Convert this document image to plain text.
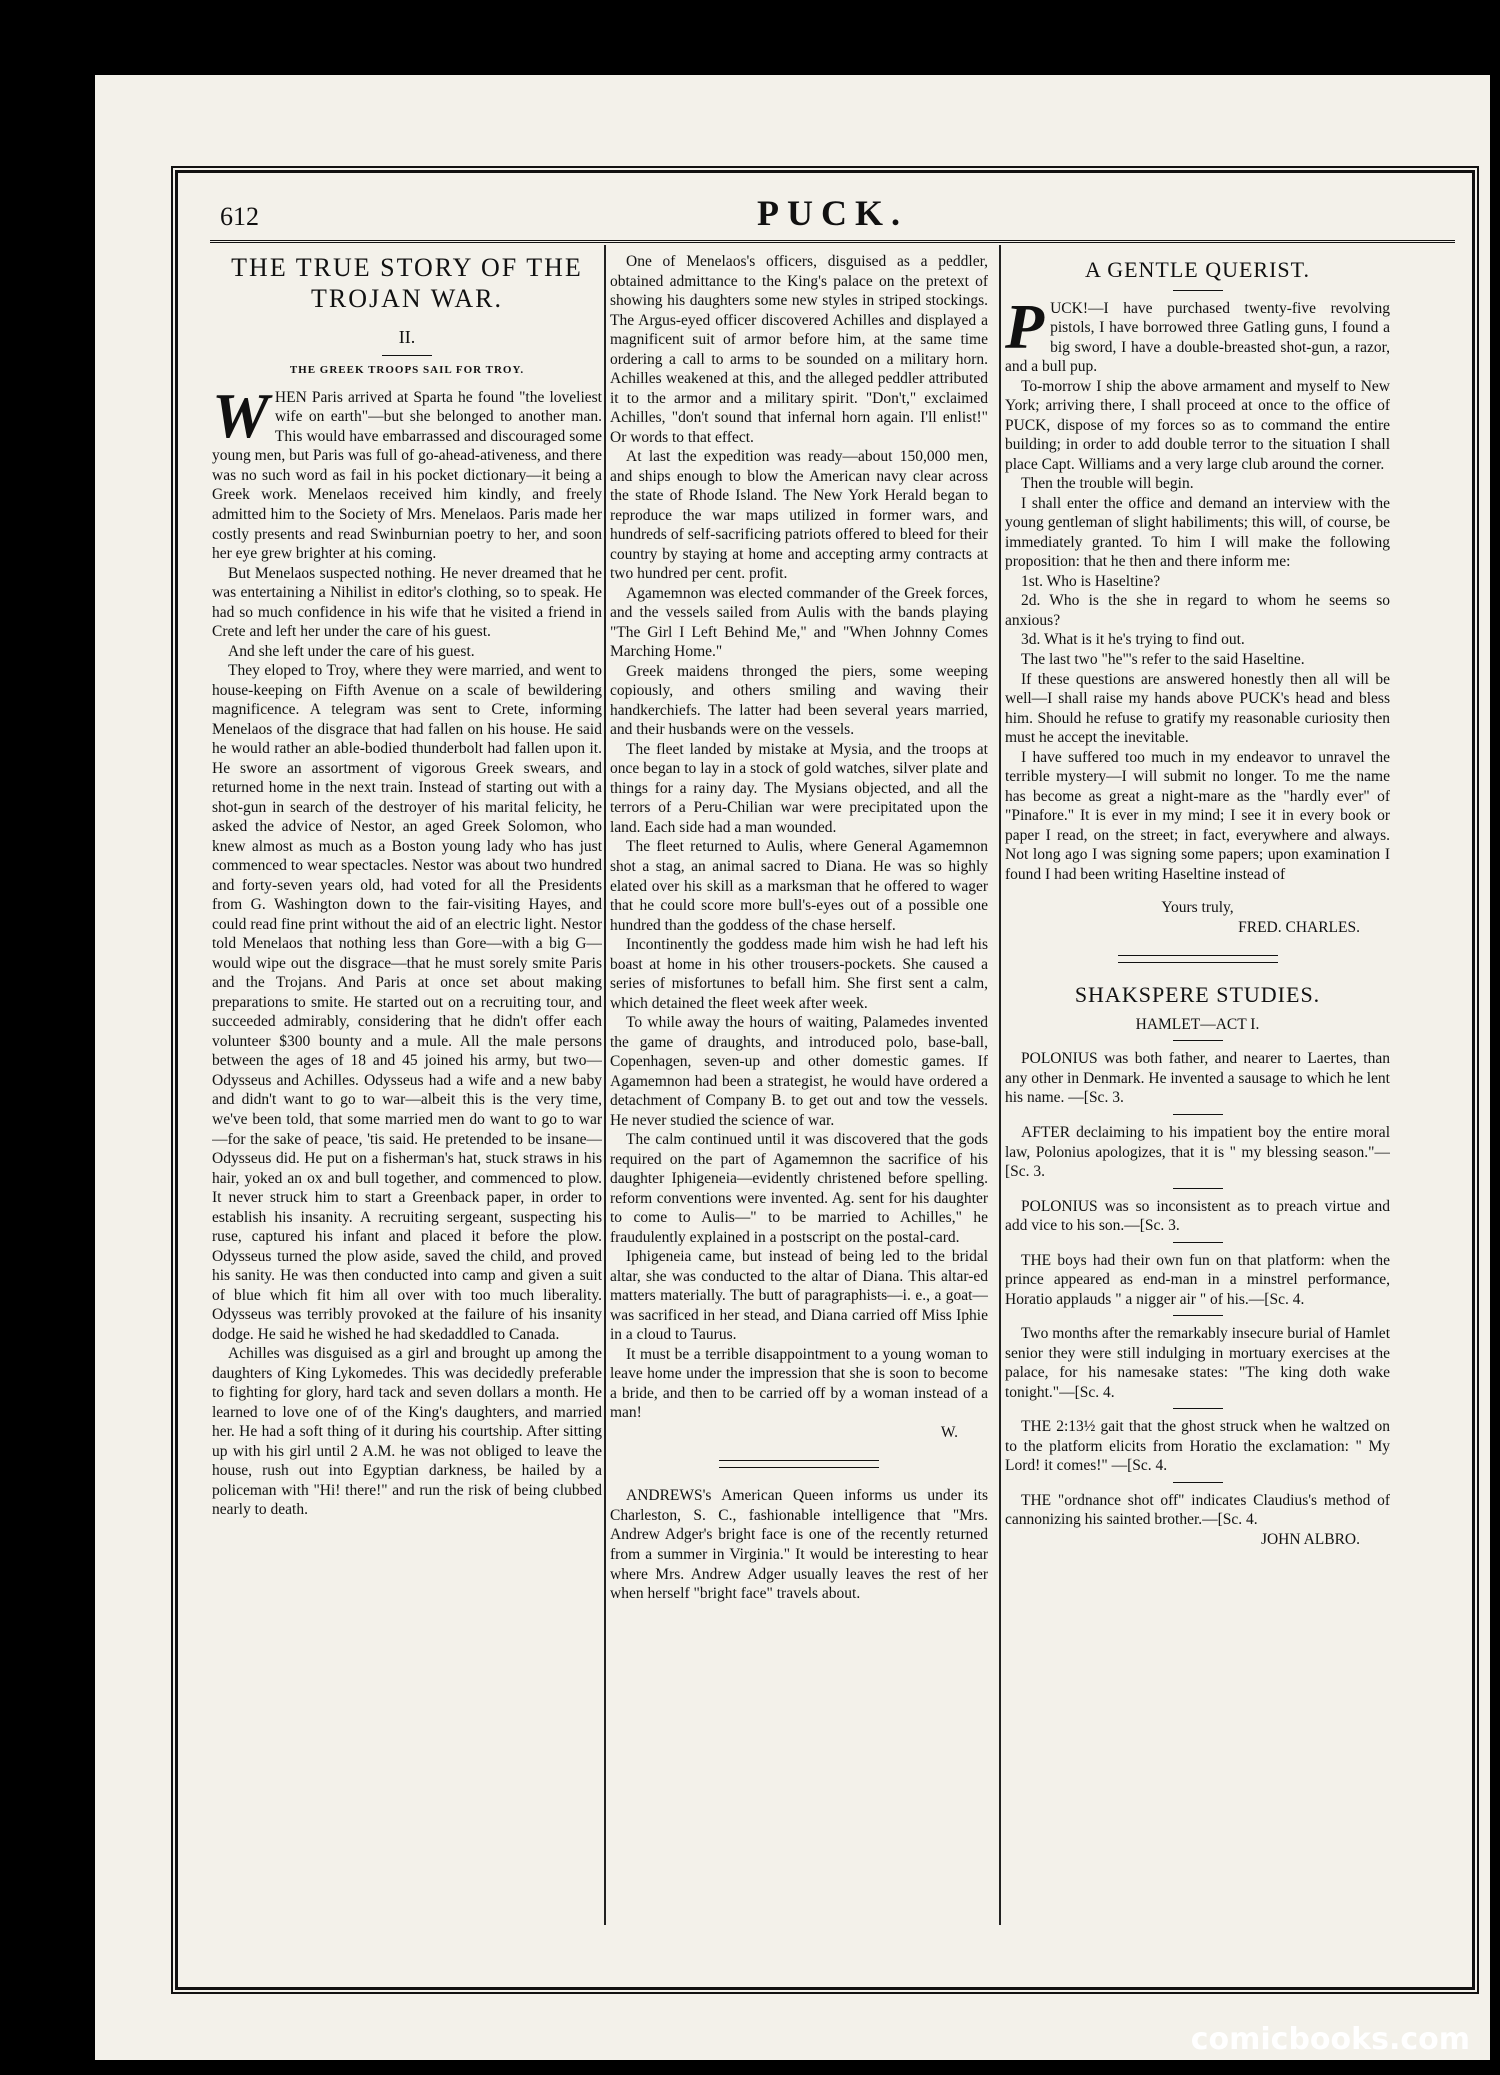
612	PUCK.
THE TRUE STORY OF THE TROJAN WAR.
II.
THE GREEK TROOPS SAIL FOR TROY.

WHEN Paris arrived at Sparta he found "the loveliest wife on earth"—but she belonged to another man. This would have embarrassed and discouraged some young men, but Paris was full of go-ahead-ativeness, and there was no such word as fail in his pocket dictionary—it being a Greek work. Menelaos received him kindly, and freely admitted him to the Society of Mrs. Menelaos. Paris made her costly presents and read Swinburnian poetry to her, and soon her eye grew brighter at his coming.

But Menelaos suspected nothing. He never dreamed that he was entertaining a Nihilist in editor's clothing, so to speak. He had so much confidence in his wife that he visited a friend in Crete and left her under the care of his guest.

And she left under the care of his guest.

They eloped to Troy, where they were married, and went to house-keeping on Fifth Avenue on a scale of bewildering magnificence. A telegram was sent to Crete, informing Menelaos of the disgrace that had fallen on his house. He said he would rather an able-bodied thunderbolt had fallen upon it. He swore an assortment of vigorous Greek swears, and returned home in the next train. Instead of starting out with a shot-gun in search of the destroyer of his marital felicity, he asked the advice of Nestor, an aged Greek Solomon, who knew almost as much as a Boston young lady who has just commenced to wear spectacles. Nestor was about two hundred and forty-seven years old, had voted for all the Presidents from G. Washington down to the fair-visiting Hayes, and could read fine print without the aid of an electric light. Nestor told Menelaos that nothing less than Gore—with a big G—would wipe out the disgrace—that he must sorely smite Paris and the Trojans. And Paris at once set about making preparations to smite. He started out on a recruiting tour, and succeeded admirably, considering that he didn't offer each volunteer $300 bounty and a mule. All the male persons between the ages of 18 and 45 joined his army, but two—Odysseus and Achilles. Odysseus had a wife and a new baby and didn't want to go to war—albeit this is the very time, we've been told, that some married men do want to go to war—for the sake of peace, 'tis said. He pretended to be insane—Odysseus did. He put on a fisherman's hat, stuck straws in his hair, yoked an ox and bull together, and commenced to plow. It never struck him to start a Greenback paper, in order to establish his insanity. A recruiting sergeant, suspecting his ruse, captured his infant and placed it before the plow. Odysseus turned the plow aside, saved the child, and proved his sanity. He was then conducted into camp and given a suit of blue which fit him all over with too much liberality. Odysseus was terribly provoked at the failure of his insanity dodge. He said he wished he had skedaddled to Canada.

Achilles was disguised as a girl and brought up among the daughters of King Lykomedes. This was decidedly preferable to fighting for glory, hard tack and seven dollars a month. He learned to love one of of the King's daughters, and married her. He had a soft thing of it during his courtship. After sitting up with his girl until 2 A.M. he was not obliged to leave the house, rush out into Egyptian darkness, be hailed by a policeman with "Hi! there!" and run the risk of being clubbed nearly to death.

One of Menelaos's officers, disguised as a peddler, obtained admittance to the King's palace on the pretext of showing his daughters some new styles in striped stockings. The Argus-eyed officer discovered Achilles and displayed a magnificent suit of armor before him, at the same time ordering a call to arms to be sounded on a military horn. Achilles weakened at this, and the alleged peddler attributed it to the armor and a military spirit. "Don't," exclaimed Achilles, "don't sound that infernal horn again. I'll enlist!" Or words to that effect.

At last the expedition was ready—about 150,000 men, and ships enough to blow the American navy clear across the state of Rhode Island. The New York Herald began to reproduce the war maps utilized in former wars, and hundreds of self-sacrificing patriots offered to bleed for their country by staying at home and accepting army contracts at two hundred per cent. profit.

Agamemnon was elected commander of the Greek forces, and the vessels sailed from Aulis with the bands playing "The Girl I Left Behind Me," and "When Johnny Comes Marching Home."

Greek maidens thronged the piers, some weeping copiously, and others smiling and waving their handkerchiefs. The latter had been several years married, and their husbands were on the vessels.

The fleet landed by mistake at Mysia, and the troops at once began to lay in a stock of gold watches, silver plate and things for a rainy day. The Mysians objected, and all the terrors of a Peru-Chilian war were precipitated upon the land. Each side had a man wounded.

The fleet returned to Aulis, where General Agamemnon shot a stag, an animal sacred to Diana. He was so highly elated over his skill as a marksman that he offered to wager that he could score more bull's-eyes out of a possible one hundred than the goddess of the chase herself.

Incontinently the goddess made him wish he had left his boast at home in his other trousers-pockets. She caused a series of misfortunes to befall him. She first sent a calm, which detained the fleet week after week.

To while away the hours of waiting, Palamedes invented the game of draughts, and introduced polo, base-ball, Copenhagen, seven-up and other domestic games. If Agamemnon had been a strategist, he would have ordered a detachment of Company B. to get out and tow the vessels. He never studied the science of war.

The calm continued until it was discovered that the gods required on the part of Agamemnon the sacrifice of his daughter Iphigeneia—evidently christened before spelling. reform conventions were invented. Ag. sent for his daughter to come to Aulis—" to be married to Achilles," he fraudulently explained in a postscript on the postal-card.

Iphigeneia came, but instead of being led to the bridal altar, she was conducted to the altar of Diana. This altar-ed matters materially. The butt of paragraphists—i. e., a goat—was sacrificed in her stead, and Diana carried off Miss Iphie in a cloud to Taurus.

It must be a terrible disappointment to a young woman to leave home under the impression that she is soon to become a bride, and then to be carried off by a woman instead of a man!

W.

ANDREWS's American Queen informs us under its Charleston, S. C., fashionable intelligence that "Mrs. Andrew Adger's bright face is one of the recently returned from a summer in Virginia." It would be interesting to hear where Mrs. Andrew Adger usually leaves the rest of her when herself "bright face" travels about.

A GENTLE QUERIST.

PUCK!—I have purchased twenty-five revolving pistols, I have borrowed three Gatling guns, I found a big sword, I have a double-breasted shot-gun, a razor, and a bull pup.

To-morrow I ship the above armament and myself to New York; arriving there, I shall proceed at once to the office of PUCK, dispose of my forces so as to command the entire building; in order to add double terror to the situation I shall place Capt. Williams and a very large club around the corner.

Then the trouble will begin.

I shall enter the office and demand an interview with the young gentleman of slight habiliments; this will, of course, be immediately granted. To him I will make the following proposition: that he then and there inform me:

1st. Who is Haseltine?

2d. Who is the she in regard to whom he seems so anxious?

3d. What is it he's trying to find out.

The last two "he"'s refer to the said Haseltine.

If these questions are answered honestly then all will be well—I shall raise my hands above PUCK's head and bless him. Should he refuse to gratify my reasonable curiosity then must he accept the inevitable.

I have suffered too much in my endeavor to unravel the terrible mystery—I will submit no longer. To me the name has become as great a night-mare as the "hardly ever" of "Pinafore." It is ever in my mind; I see it in every book or paper I read, on the street; in fact, everywhere and always. Not long ago I was signing some papers; upon examination I found I had been writing Haseltine instead of

Yours truly,
FRED. CHARLES.
SHAKSPERE STUDIES.
HAMLET—ACT I.

POLONIUS was both father, and nearer to Laertes, than any other in Denmark. He invented a sausage to which he lent his name. —[Sc. 3.

AFTER declaiming to his impatient boy the entire moral law, Polonius apologizes, that it is " my blessing season."—[Sc. 3.

POLONIUS was so inconsistent as to preach virtue and add vice to his son.—[Sc. 3.

THE boys had their own fun on that platform: when the prince appeared as end-man in a minstrel performance, Horatio applauds " a nigger air " of his.—[Sc. 4.

Two months after the remarkably insecure burial of Hamlet senior they were still indulging in mortuary exercises at the palace, for his namesake states: "The king doth wake tonight."—[Sc. 4.

THE 2:13½ gait that the ghost struck when he waltzed on to the platform elicits from Horatio the exclamation: " My Lord! it comes!" —[Sc. 4.

THE "ordnance shot off" indicates Claudius's method of cannonizing his sainted brother.—[Sc. 4.

JOHN ALBRO.
comicbooks.com
